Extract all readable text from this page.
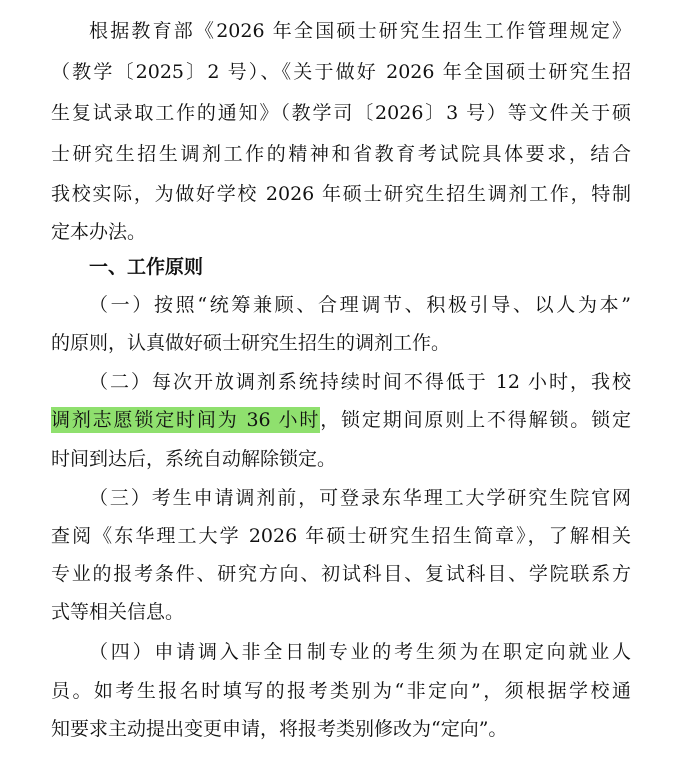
根据教育部《2026 年全国硕士研究生招生工作管理规定》
（教学〔2025〕2 号）、《关于做好 2026 年全国硕士研究生招
生复试录取工作的通知》（教学司〔2026〕3 号）等文件关于硕
士研究生招生调剂工作的精神和省教育考试院具体要求，结合
我校实际，为做好学校 2026 年硕士研究生招生调剂工作，特制
定本办法。
一、工作原则
（一）按照“统筹兼顾、合理调节、积极引导、以人为本”
的原则，认真做好硕士研究生招生的调剂工作。
（二）每次开放调剂系统持续时间不得低于 12 小时，我校
调剂志愿锁定时间为 36 小时，锁定期间原则上不得解锁。锁定
时间到达后，系统自动解除锁定。
（三）考生申请调剂前，可登录东华理工大学研究生院官网
查阅《东华理工大学 2026 年硕士研究生招生简章》，了解相关
专业的报考条件、研究方向、初试科目、复试科目、学院联系方
式等相关信息。
（四）申请调入非全日制专业的考生须为在职定向就业人
员。如考生报名时填写的报考类别为“非定向”，须根据学校通
知要求主动提出变更申请，将报考类别修改为“定向”。
